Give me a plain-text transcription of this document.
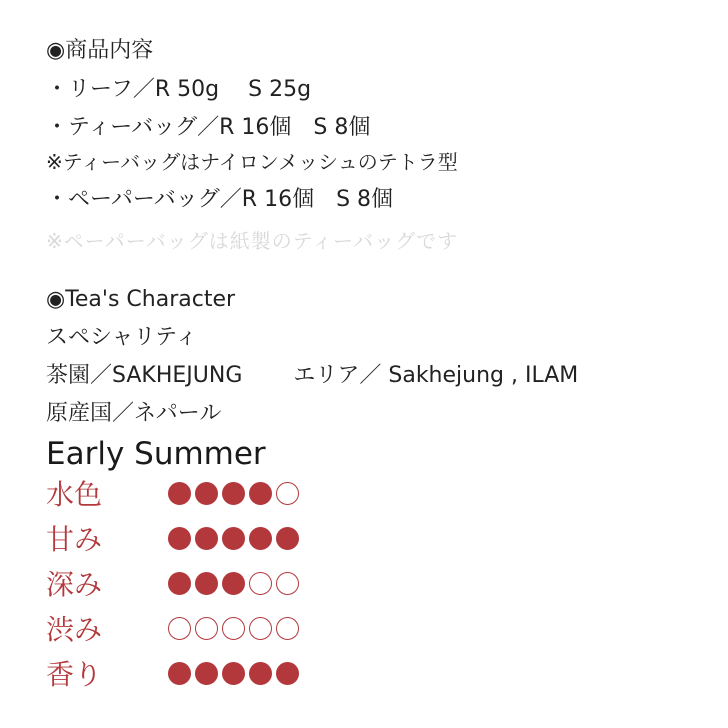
◉商品内容
・リーフ／R 50g　 S 25g
・ティーバッグ／R 16個　S 8個
※ティーバッグはナイロンメッシュのテトラ型
・ペーパーバッグ／R 16個　S 8個
※ペーパーバッグは紙製のティーバッグです
◉Tea's Character
スペシャリティ
茶園／SAKHEJUNG　　 エリア／ Sakhejung , ILAM
原産国／ネパール
Early Summer
水色
甘み
深み
渋み
香り
